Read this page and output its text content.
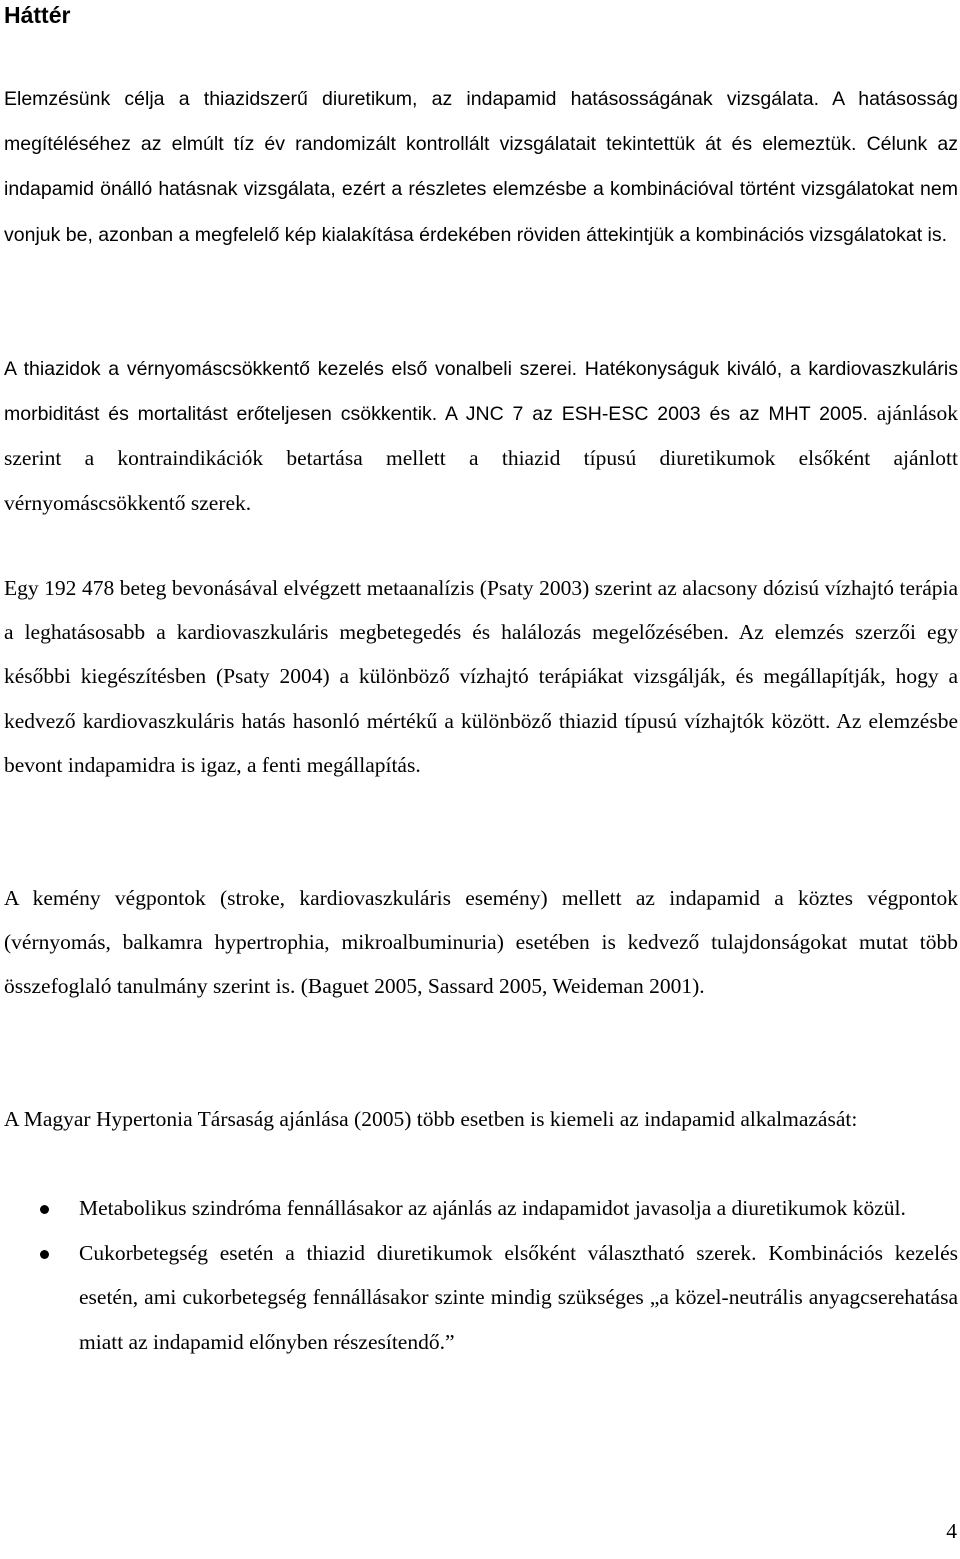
Háttér

Elemzésünk célja a thiazidszerű diuretikum, az indapamid hatásosságának vizsgálata. A hatásosság megítéléséhez az elmúlt tíz év randomizált kontrollált vizsgálatait tekintettük át és elemeztük. Célunk az indapamid önálló hatásnak vizsgálata, ezért a részletes elemzésbe a kombinációval történt vizsgálatokat nem vonjuk be, azonban a megfelelő kép kialakítása érdekében röviden áttekintjük a kombinációs vizsgálatokat is.

A thiazidok a vérnyomáscsökkentő kezelés első vonalbeli szerei. Hatékonyságuk kiváló, a kardiovaszkuláris morbiditást és mortalitást erőteljesen csökkentik. A JNC 7 az ESH-ESC 2003 és az MHT 2005. ajánlások szerint a kontraindikációk betartása mellett a thiazid típusú diuretikumok elsőként ajánlott vérnyomáscsökkentő szerek.

Egy 192 478 beteg bevonásával elvégzett metaanalízis (Psaty 2003) szerint az alacsony dózisú vízhajtó terápia a leghatásosabb a kardiovaszkuláris megbetegedés és halálozás megelőzésében. Az elemzés szerzői egy későbbi kiegészítésben (Psaty 2004) a különböző vízhajtó terápiákat vizsgálják, és megállapítják, hogy a kedvező kardiovaszkuláris hatás hasonló mértékű a különböző thiazid típusú vízhajtók között. Az elemzésbe bevont indapamidra is igaz, a fenti megállapítás.

A kemény végpontok (stroke, kardiovaszkuláris esemény) mellett az indapamid a köztes végpontok (vérnyomás, balkamra hypertrophia, mikroalbuminuria) esetében is kedvező tulajdonságokat mutat több összefoglaló tanulmány szerint is. (Baguet 2005, Sassard 2005, Weideman 2001).

A Magyar Hypertonia Társaság ajánlása (2005) több esetben is kiemeli az indapamid alkalmazását:

Metabolikus szindróma fennállásakor az ajánlás az indapamidot javasolja a diuretikumok közül.
Cukorbetegség esetén a thiazid diuretikumok elsőként választható szerek. Kombinációs kezelés esetén, ami cukorbetegség fennállásakor szinte mindig szükséges „a közel-neutrális anyagcserehatása miatt az indapamid előnyben részesítendő.”
4
